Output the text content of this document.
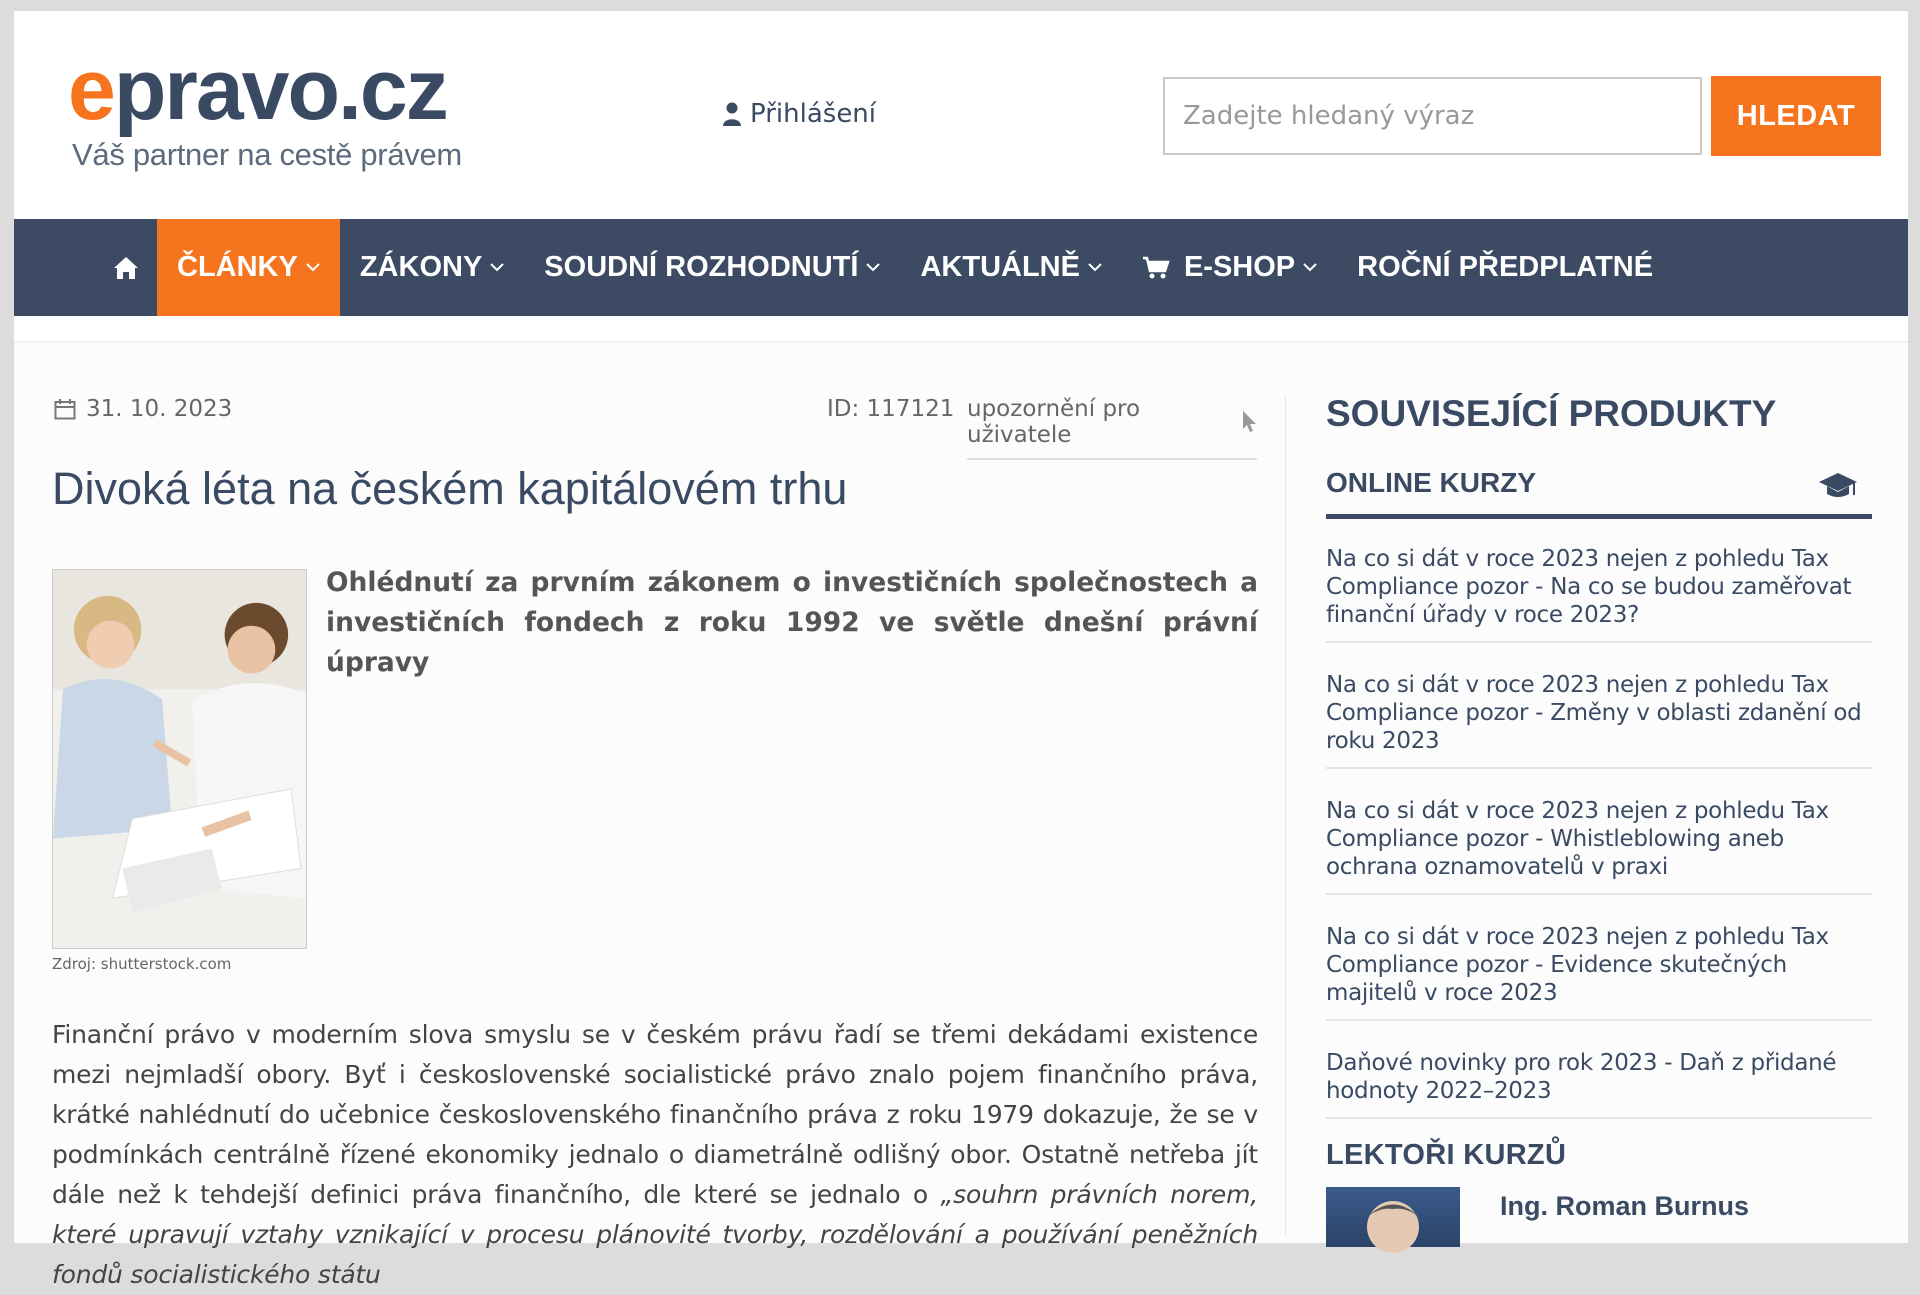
epravo.cz
Váš partner na cestě právem
Přihlášení	Zadejte hledaný výraz	HLEDAT
ČLÁNKY ZÁKONY SOUDNÍ ROZHODNUTÍ AKTUÁLNĚ	E-SHOP ROČNÍ PŘEDPLATNÉ
31. 10. 2023	ID: 117121 upozornění pro uživatele
Divoká léta na českém kapitálovém trhu
Zdroj: shutterstock.com

Ohlédnutí za prvním zákonem o investičních společnostech a investičních fondech z roku 1992 ve světle dnešní právní úpravy

Finanční právo v moderním slova smyslu se v českém právu řadí se třemi dekádami existence mezi nejmladší obory. Byť i československé socialistické právo znalo pojem finančního práva, krátké nahlédnutí do učebnice československého finančního práva z roku 1979 dokazuje, že se v podmínkách centrálně řízené ekonomiky jednalo o diametrálně odlišný obor. Ostatně netřeba jít dále než k tehdejší definici práva finančního, dle které se jednalo o „souhrn právních norem, které upravují vztahy vznikající v procesu plánovité tvorby, rozdělování a používání peněžních fondů socialistického státu

SOUVISEJÍCÍ PRODUKTY
ONLINE KURZY
Na co si dát v roce 2023 nejen z pohledu Tax Compliance pozor - Na co se budou zaměřovat finanční úřady v roce 2023?
Na co si dát v roce 2023 nejen z pohledu Tax Compliance pozor - Změny v oblasti zdanění od roku 2023
Na co si dát v roce 2023 nejen z pohledu Tax Compliance pozor - Whistleblowing aneb ochrana oznamovatelů v praxi
Na co si dát v roce 2023 nejen z pohledu Tax Compliance pozor - Evidence skutečných majitelů v roce 2023
Daňové novinky pro rok 2023 - Daň z přidané hodnoty 2022–2023
LEKTOŘI KURZŮ
Ing. Roman Burnus
